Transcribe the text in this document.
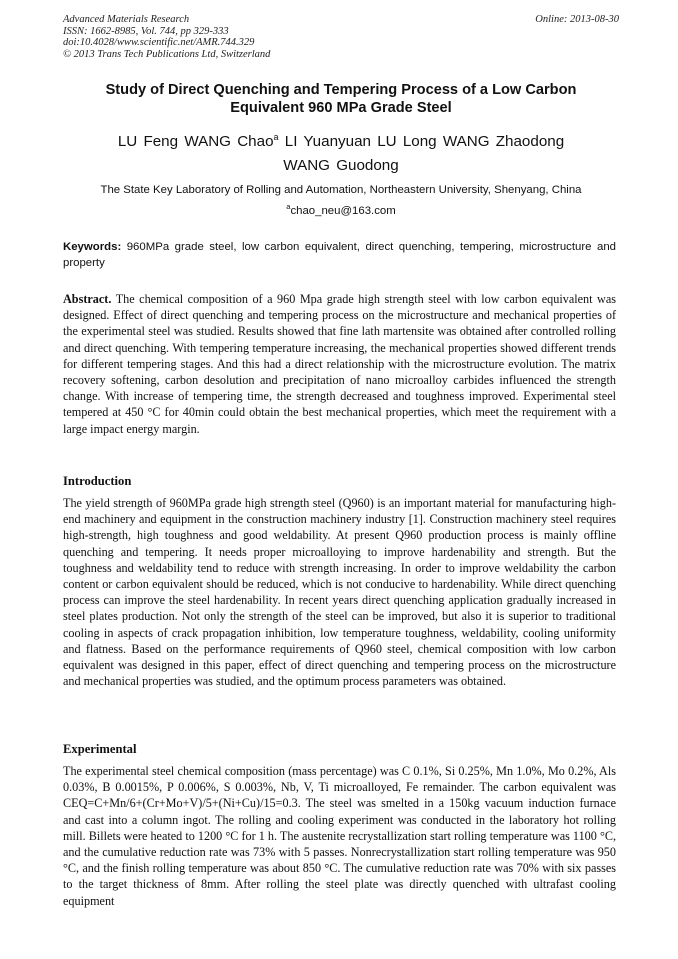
Advanced Materials Research
ISSN: 1662-8985, Vol. 744, pp 329-333
doi:10.4028/www.scientific.net/AMR.744.329
© 2013 Trans Tech Publications Ltd, Switzerland
Online: 2013-08-30
Study of Direct Quenching and Tempering Process of a Low Carbon
Equivalent 960 MPa Grade Steel
LU Feng WANG Chao$^a$ LI Yuanyuan LU Long WANG Zhaodong
WANG Guodong
The State Key Laboratory of Rolling and Automation, Northeastern University, Shenyang, China
$^a$chao_neu@163.com
Keywords: 960MPa grade steel, low carbon equivalent, direct quenching, tempering, microstructure and property
Abstract. The chemical composition of a 960 Mpa grade high strength steel with low carbon equivalent was designed. Effect of direct quenching and tempering process on the microstructure and mechanical properties of the experimental steel was studied. Results showed that fine lath martensite was obtained after controlled rolling and direct quenching. With tempering temperature increasing, the mechanical properties showed different trends for different tempering stages. And this had a direct relationship with the microstructure evolution. The matrix recovery softening, carbon desolution and precipitation of nano microalloy carbides influenced the strength change. With increase of tempering time, the strength decreased and toughness improved. Experimental steel tempered at 450 °C for 40min could obtain the best mechanical properties, which meet the requirement with a large impact energy margin.
Introduction
The yield strength of 960MPa grade high strength steel (Q960) is an important material for manufacturing high-end machinery and equipment in the construction machinery industry [1]. Construction machinery steel requires high-strength, high toughness and good weldability. At present Q960 production process is mainly offline quenching and tempering. It needs proper microalloying to improve hardenability and strength. But the toughness and weldability tend to reduce with strength increasing. In order to improve weldability the carbon content or carbon equivalent should be reduced, which is not conducive to hardenability. While direct quenching process can improve the steel hardenability. In recent years direct quenching application gradually increased in steel plates production. Not only the strength of the steel can be improved, but also it is superior to traditional cooling in aspects of crack propagation inhibition, low temperature toughness, weldability, cooling uniformity and flatness. Based on the performance requirements of Q960 steel, chemical composition with low carbon equivalent was designed in this paper, effect of direct quenching and tempering process on the microstructure and mechanical properties was studied, and the optimum process parameters was obtained.
Experimental
The experimental steel chemical composition (mass percentage) was C 0.1%, Si 0.25%, Mn 1.0%, Mo 0.2%, Als 0.03%, B 0.0015%, P 0.006%, S 0.003%, Nb, V, Ti microalloyed, Fe remainder. The carbon equivalent was CEQ=C+Mn/6+(Cr+Mo+V)/5+(Ni+Cu)/15=0.3. The steel was smelted in a 150kg vacuum induction furnace and cast into a column ingot. The rolling and cooling experiment was conducted in the laboratory hot rolling mill. Billets were heated to 1200 °C for 1 h. The austenite recrystallization start rolling temperature was 1100 °C, and the cumulative reduction rate was 73% with 5 passes. Nonrecrystallization start rolling temperature was 950 °C, and the finish rolling temperature was about 850 °C. The cumulative reduction rate was 70% with six passes to the target thickness of 8mm. After rolling the steel plate was directly quenched with ultrafast cooling equipment
